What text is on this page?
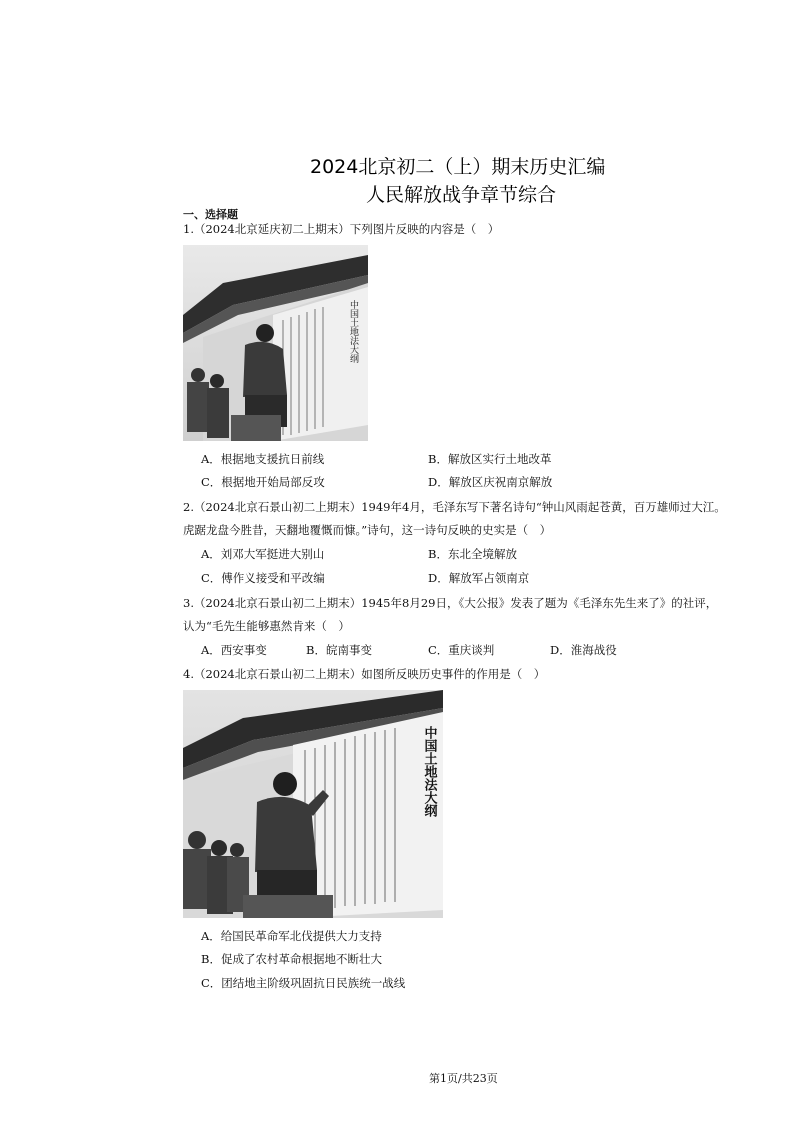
2024北京初二（上）期末历史汇编
人民解放战争章节综合
一、选择题
1.（2024北京延庆初二上期末）下列图片反映的内容是（　）
中国土地法大纲
A．根据地支援抗日前线	B．解放区实行土地改革
C．根据地开始局部反攻	D．解放区庆祝南京解放
2.（2024北京石景山初二上期末）1949年4月，毛泽东写下著名诗句“钟山风雨起苍黄，百万雄师过大江。
虎踞龙盘今胜昔，天翻地覆慨而慷。”诗句，这一诗句反映的史实是（　）
A．刘邓大军挺进大别山	B．东北全境解放
C．傅作义接受和平改编	D．解放军占领南京
3.（2024北京石景山初二上期末）1945年8月29日，《大公报》发表了题为《毛泽东先生来了》的社评，
认为“毛先生能够惠然肯来（　）
A．西安事变	B．皖南事变	C．重庆谈判	D．淮海战役
4.（2024北京石景山初二上期末）如图所反映历史事件的作用是（　）
中国土地法大纲
A．给国民革命军北伐提供大力支持
B．促成了农村革命根据地不断壮大
C．团结地主阶级巩固抗日民族统一战线
第1页/共23页
